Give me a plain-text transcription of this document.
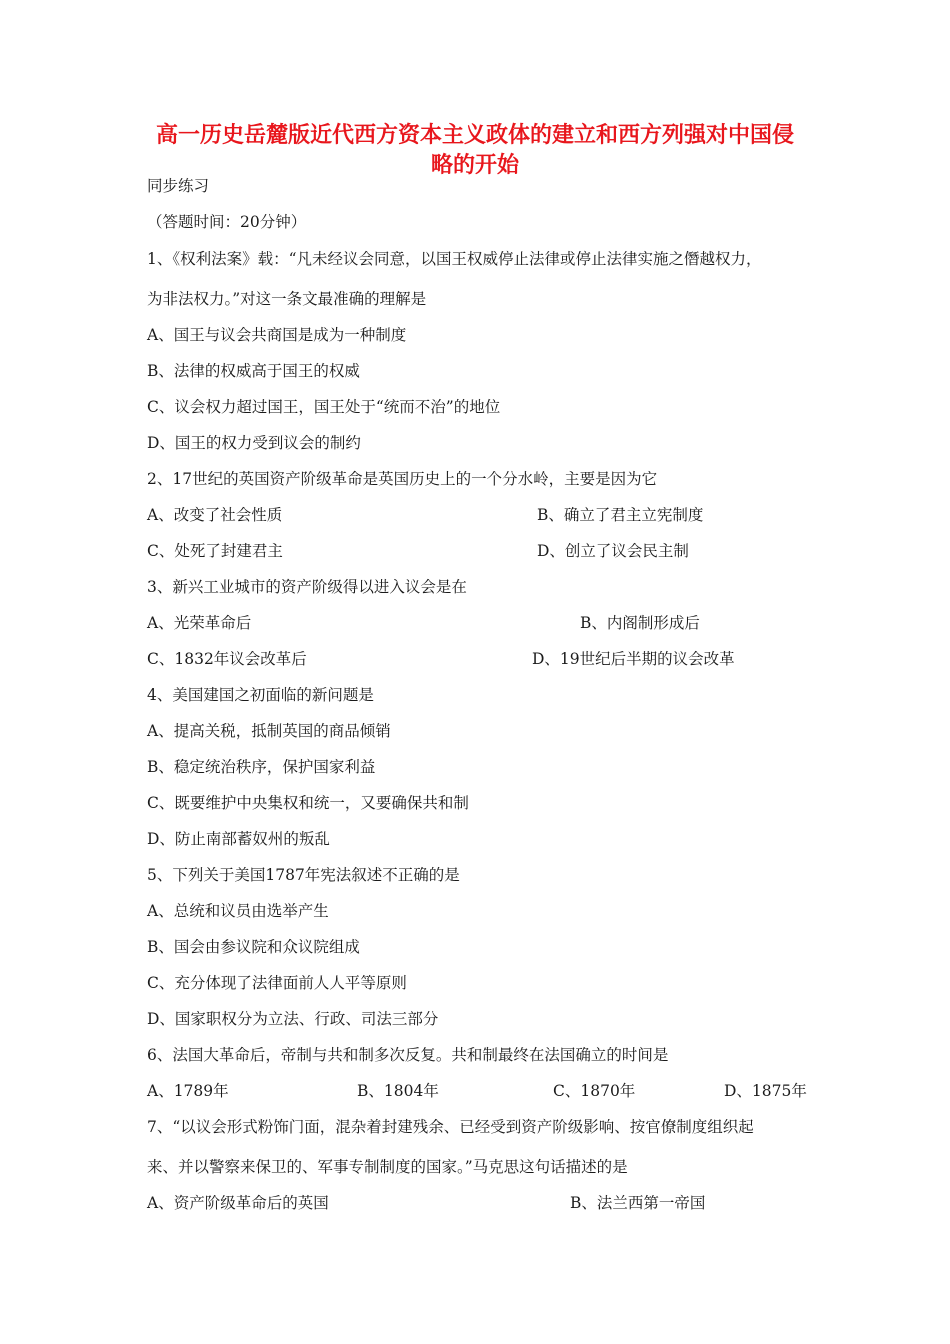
高一历史岳麓版近代西方资本主义政体的建立和西方列强对中国侵
略的开始
同步练习
（答题时间：20分钟）
1、《权利法案》载：“凡未经议会同意，以国王权威停止法律或停止法律实施之僭越权力，
为非法权力。”对这一条文最准确的理解是
A、国王与议会共商国是成为一种制度
B、法律的权威高于国王的权威
C、议会权力超过国王，国王处于“统而不治”的地位
D、国王的权力受到议会的制约
2、17世纪的英国资产阶级革命是英国历史上的一个分水岭，主要是因为它
A、改变了社会性质	B、确立了君主立宪制度
C、处死了封建君主	D、创立了议会民主制
3、新兴工业城市的资产阶级得以进入议会是在
A、光荣革命后	B、内阁制形成后
C、1832年议会改革后	D、19世纪后半期的议会改革
4、美国建国之初面临的新问题是
A、提高关税，抵制英国的商品倾销
B、稳定统治秩序，保护国家利益
C、既要维护中央集权和统一，又要确保共和制
D、防止南部蓄奴州的叛乱
5、下列关于美国1787年宪法叙述不正确的是
A、总统和议员由选举产生
B、国会由参议院和众议院组成
C、充分体现了法律面前人人平等原则
D、国家职权分为立法、行政、司法三部分
6、法国大革命后，帝制与共和制多次反复。共和制最终在法国确立的时间是
A、1789年	B、1804年	C、1870年	D、1875年
7、“以议会形式粉饰门面，混杂着封建残余、已经受到资产阶级影响、按官僚制度组织起
来、并以警察来保卫的、军事专制制度的国家。”马克思这句话描述的是
A、资产阶级革命后的英国	B、法兰西第一帝国
